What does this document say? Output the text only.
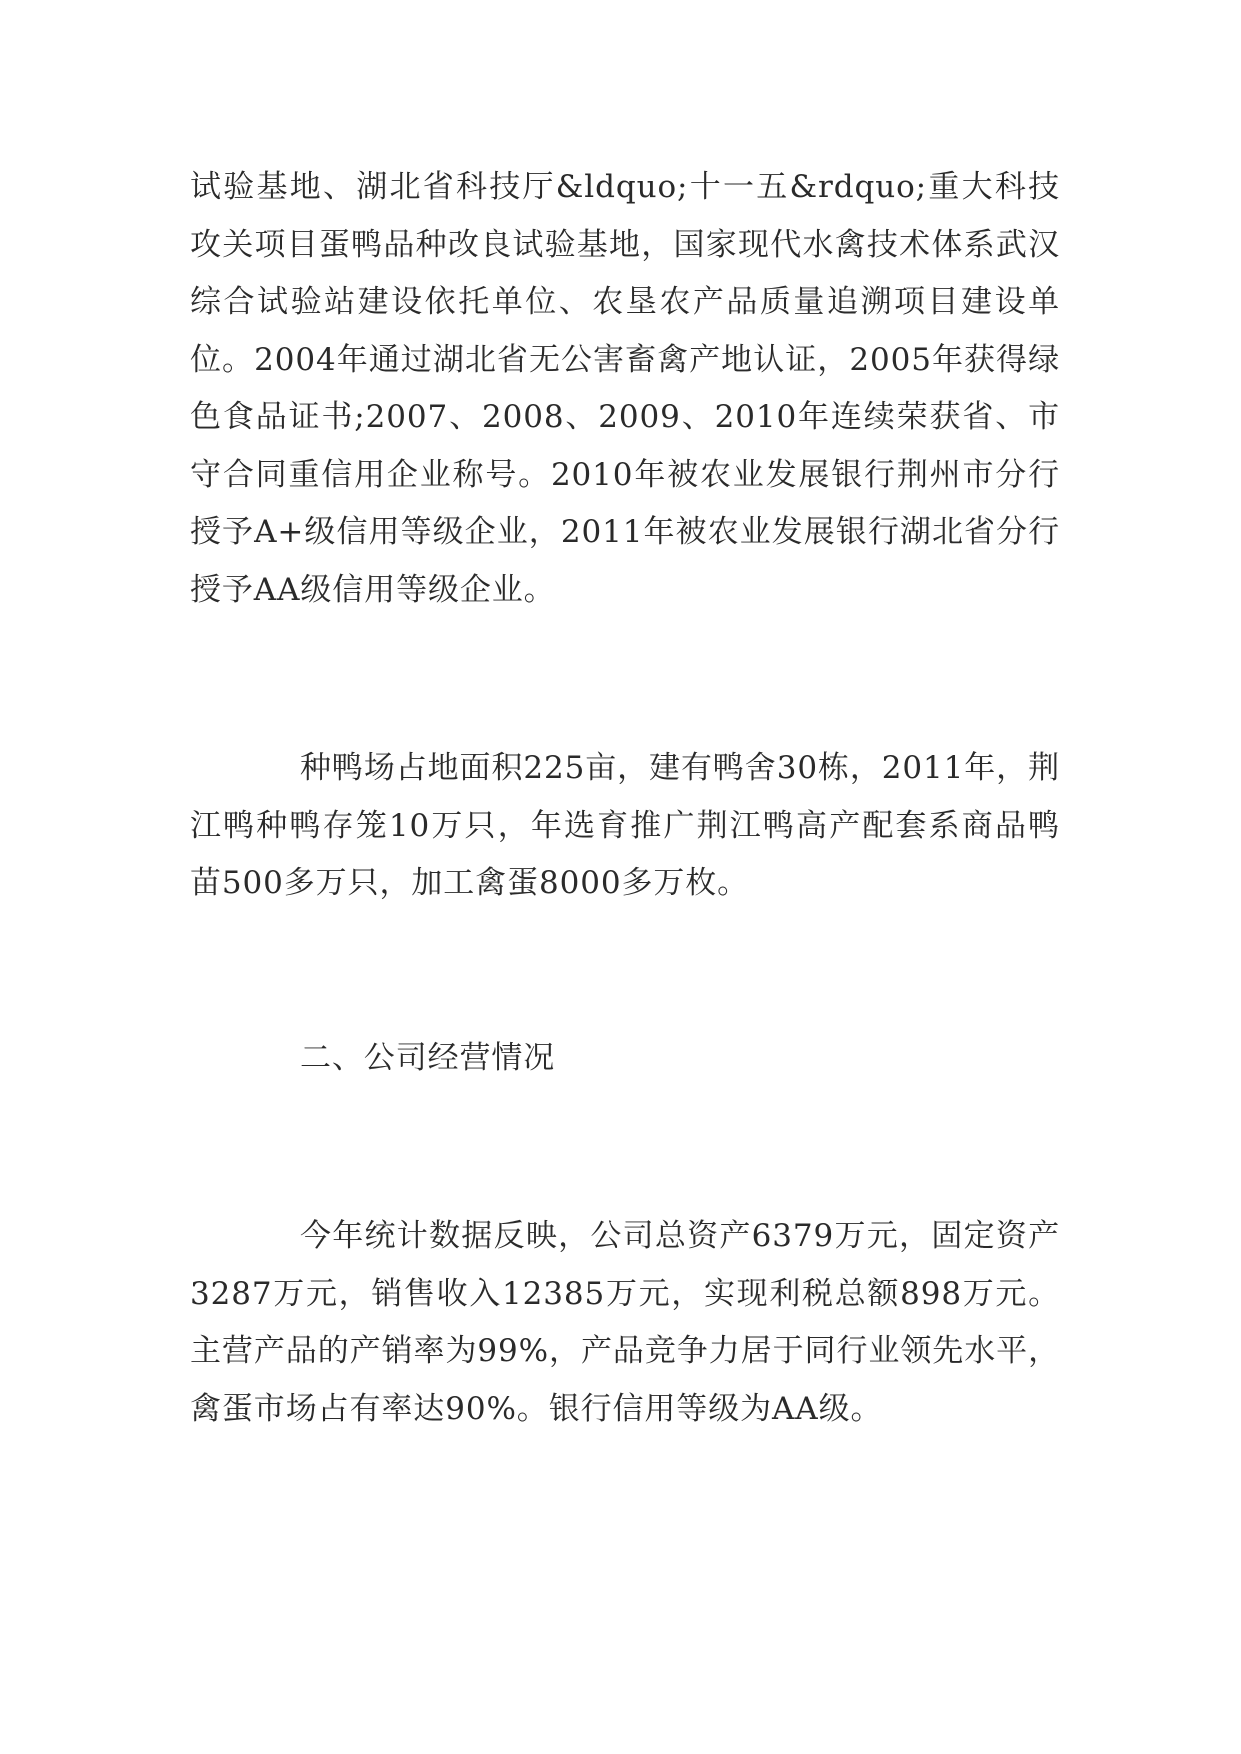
试验基地、湖北省科技厅&ldquo;十一五&rdquo;重大科技攻关项目蛋鸭品种改良试验基地，国家现代水禽技术体系武汉综合试验站建设依托单位、农垦农产品质量追溯项目建设单位。2004年通过湖北省无公害畜禽产地认证，2005年获得绿色食品证书;2007、2008、2009、2010年连续荣获省、市守合同重信用企业称号。2010年被农业发展银行荆州市分行授予A+级信用等级企业，2011年被农业发展银行湖北省分行授予AA级信用等级企业。

种鸭场占地面积225亩，建有鸭舍30栋，2011年，荆江鸭种鸭存笼10万只，年选育推广荆江鸭高产配套系商品鸭苗500多万只，加工禽蛋8000多万枚。

二、公司经营情况

今年统计数据反映，公司总资产6379万元，固定资产3287万元，销售收入12385万元，实现利税总额898万元。主营产品的产销率为99%，产品竞争力居于同行业领先水平，禽蛋市场占有率达90%。银行信用等级为AA级。
